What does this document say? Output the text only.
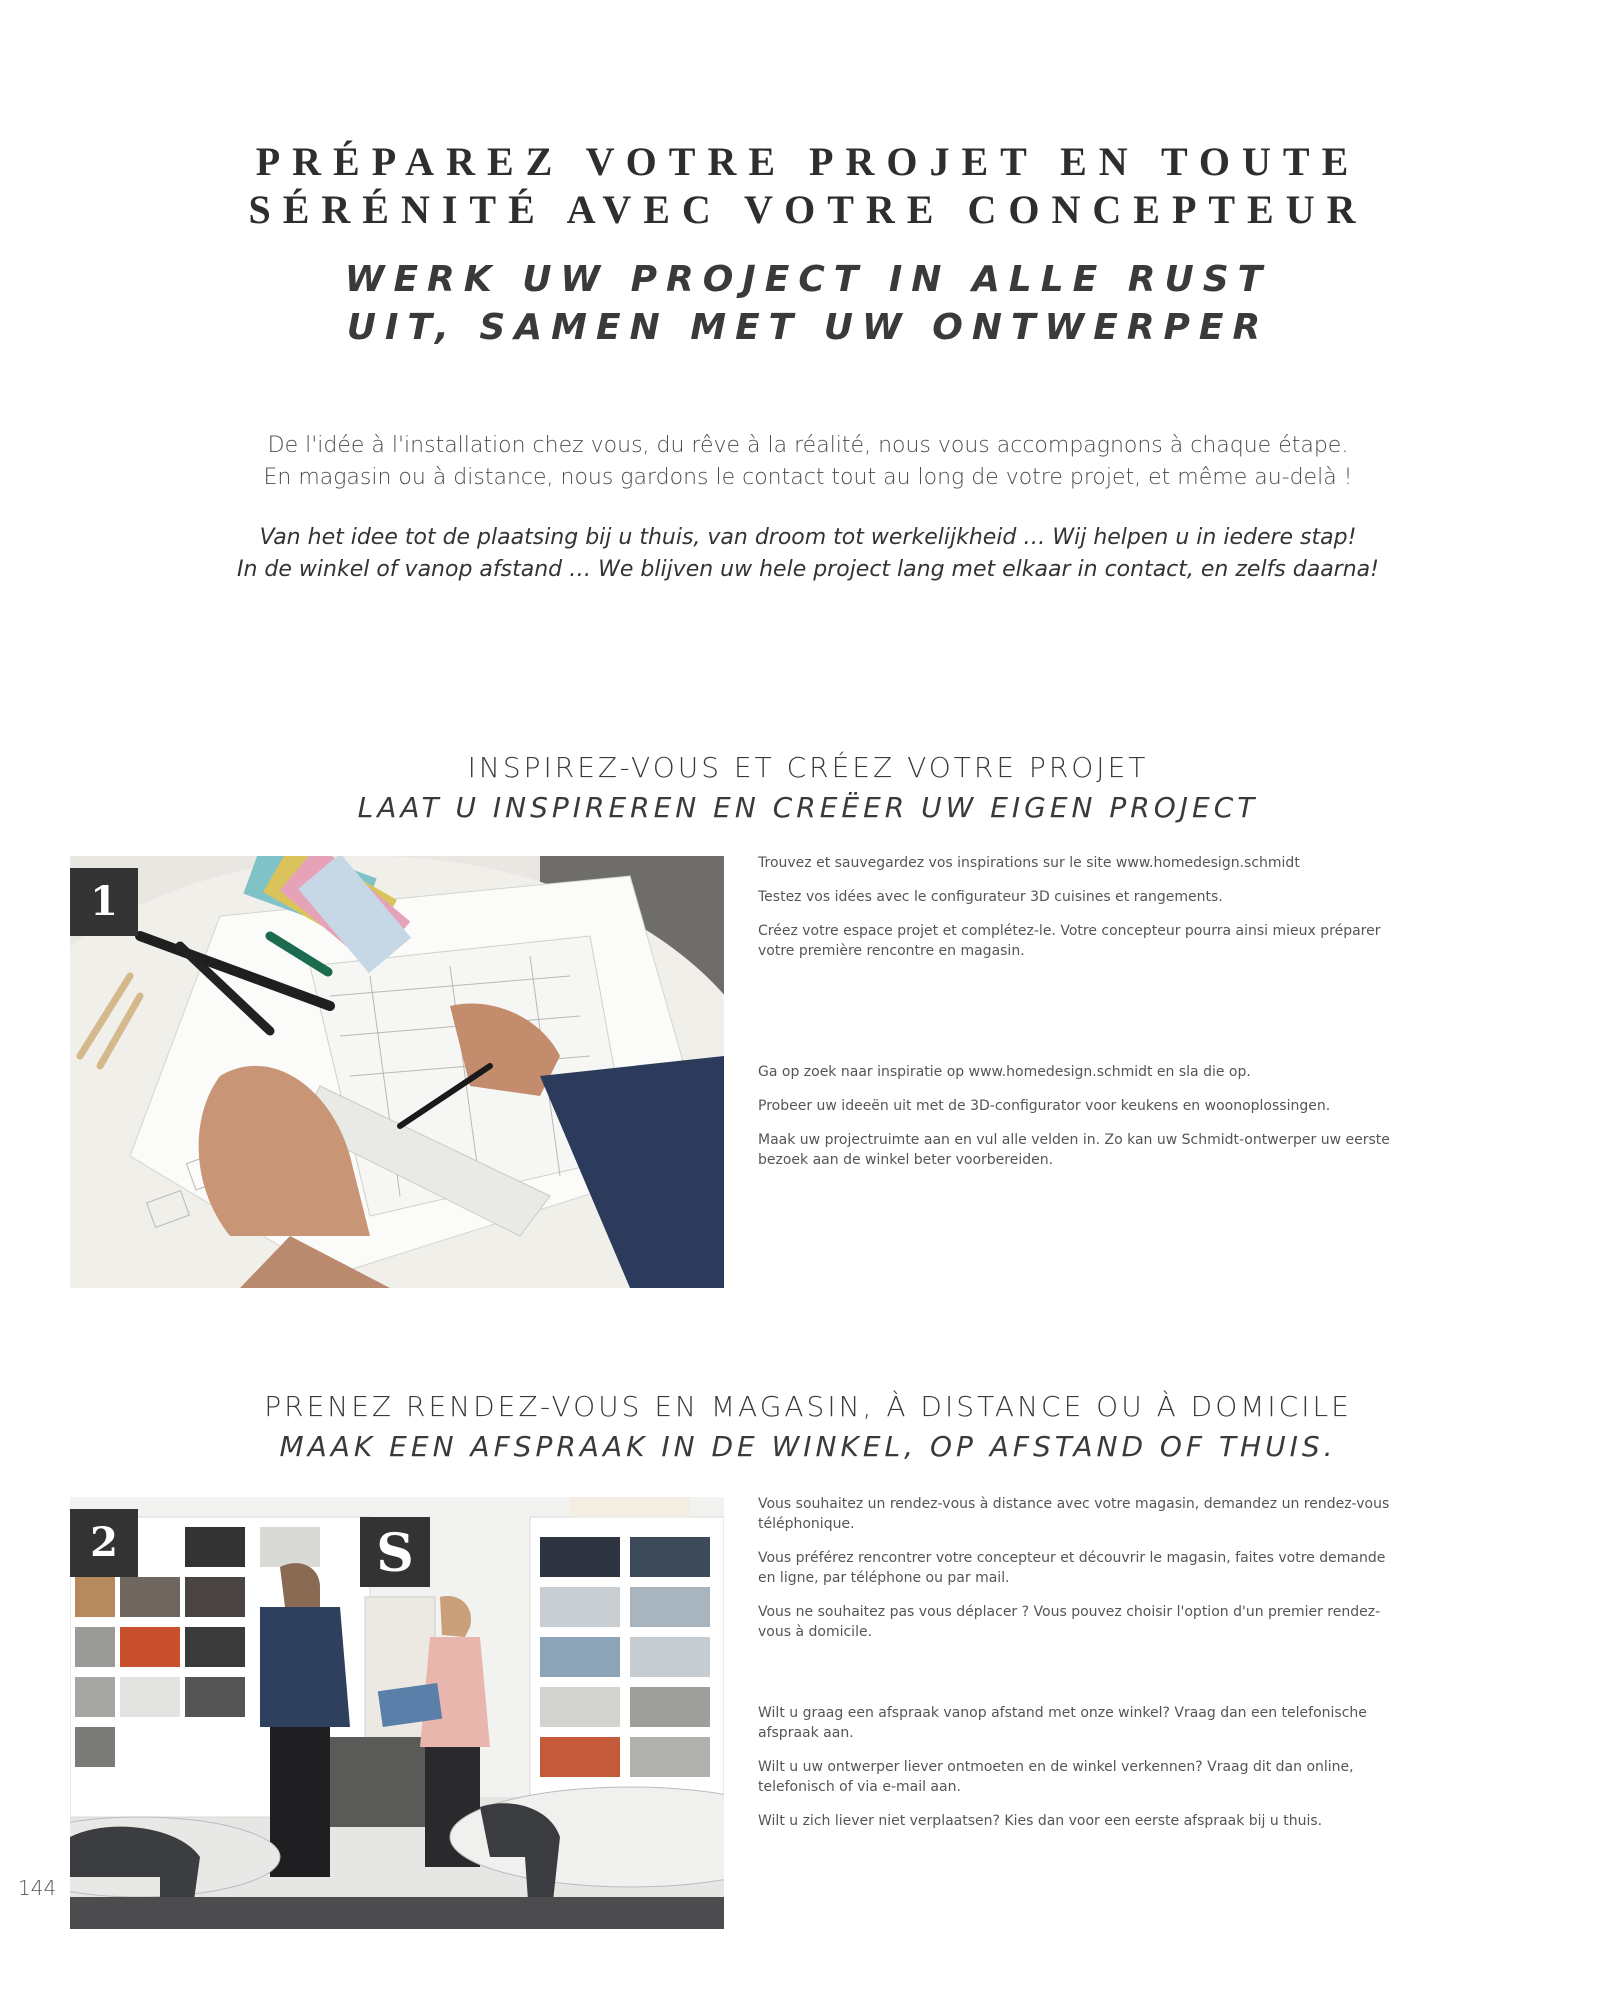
PRÉPAREZ VOTRE PROJET EN TOUTE
SÉRÉNITÉ AVEC VOTRE CONCEPTEUR
WERK UW PROJECT IN ALLE RUST
UIT, SAMEN MET UW ONTWERPER
De l'idée à l'installation chez vous, du rêve à la réalité, nous vous accompagnons à chaque étape.
En magasin ou à distance, nous gardons le contact tout au long de votre projet, et même au-delà !
Van het idee tot de plaatsing bij u thuis, van droom tot werkelijkheid … Wij helpen u in iedere stap!
In de winkel of vanop afstand … We blijven uw hele project lang met elkaar in contact, en zelfs daarna!
INSPIREZ-VOUS ET CRÉEZ VOTRE PROJET
LAAT U INSPIREREN EN CREËER UW EIGEN PROJECT
1

Trouvez et sauvegardez vos inspirations sur le site www.homedesign.schmidt

Testez vos idées avec le configurateur 3D cuisines et rangements.

Créez votre espace projet et complétez-le. Votre concepteur pourra ainsi mieux préparer votre première rencontre en magasin.

Ga op zoek naar inspiratie op www.homedesign.schmidt en sla die op.

Probeer uw ideeën uit met de 3D-configurator voor keukens en woonoplossingen.

Maak uw projectruimte aan en vul alle velden in. Zo kan uw Schmidt-ontwerper uw eerste bezoek aan de winkel beter voorbereiden.

PRENEZ RENDEZ-VOUS EN MAGASIN, À DISTANCE OU À DOMICILE
MAAK EEN AFSPRAAK IN DE WINKEL, OP AFSTAND OF THUIS.
S
2

Vous souhaitez un rendez-vous à distance avec votre magasin, demandez un rendez-vous téléphonique.

Vous préférez rencontrer votre concepteur et découvrir le magasin, faites votre demande en ligne, par téléphone ou par mail.

Vous ne souhaitez pas vous déplacer ? Vous pouvez choisir l'option d'un premier rendez-vous à domicile.

Wilt u graag een afspraak vanop afstand met onze winkel? Vraag dan een telefonische afspraak aan.

Wilt u uw ontwerper liever ontmoeten en de winkel verkennen? Vraag dit dan online, telefonisch of via e-mail aan.

Wilt u zich liever niet verplaatsen? Kies dan voor een eerste afspraak bij u thuis.

144
